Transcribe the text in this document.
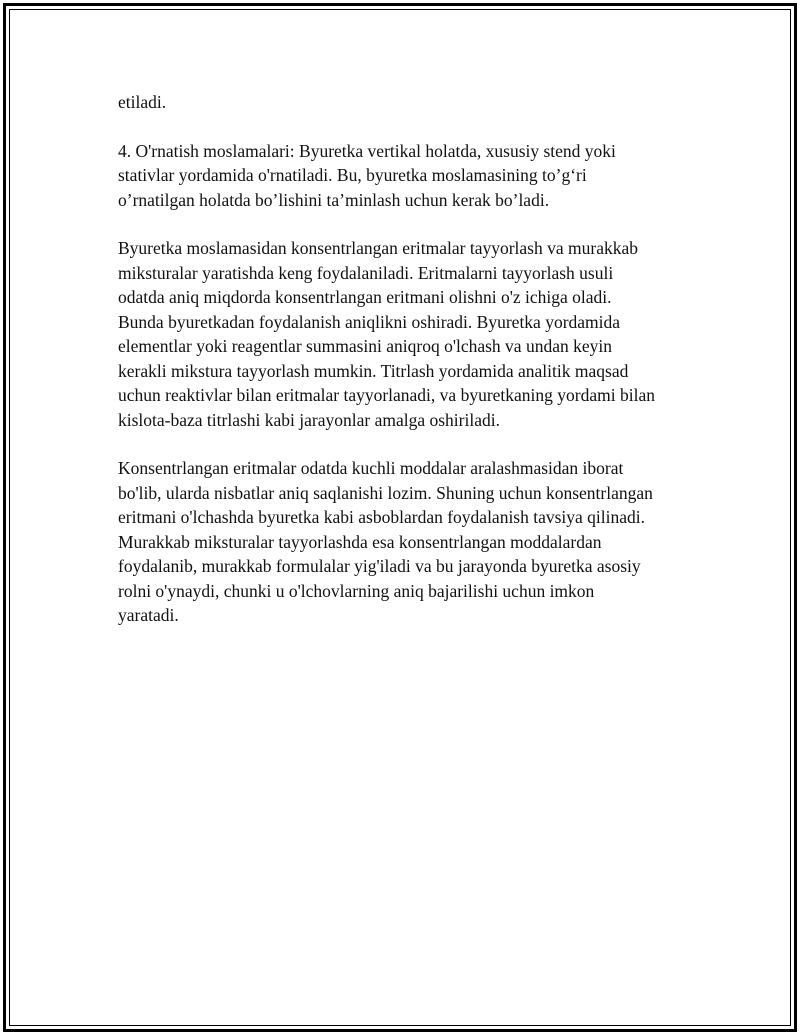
etiladi.

4. O'rnatish moslamalari: Byuretka vertikal holatda, xususiy stend yoki
stativlar yordamida o'rnatiladi. Bu, byuretka moslamasining to’g‘ri
o’rnatilgan holatda bo’lishini ta’minlash uchun kerak bo’ladi.

Byuretka moslamasidan konsentrlangan eritmalar tayyorlash va murakkab
miksturalar yaratishda keng foydalaniladi. Eritmalarni tayyorlash usuli
odatda aniq miqdorda konsentrlangan eritmani olishni o'z ichiga oladi.
Bunda byuretkadan foydalanish aniqlikni oshiradi. Byuretka yordamida
elementlar yoki reagentlar summasini aniqroq o'lchash va undan keyin
kerakli mikstura tayyorlash mumkin. Titrlash yordamida analitik maqsad
uchun reaktivlar bilan eritmalar tayyorlanadi, va byuretkaning yordami bilan
kislota-baza titrlashi kabi jarayonlar amalga oshiriladi.

Konsentrlangan eritmalar odatda kuchli moddalar aralashmasidan iborat
bo'lib, ularda nisbatlar aniq saqlanishi lozim. Shuning uchun konsentrlangan
eritmani o'lchashda byuretka kabi asboblardan foydalanish tavsiya qilinadi.
Murakkab miksturalar tayyorlashda esa konsentrlangan moddalardan
foydalanib, murakkab formulalar yig'iladi va bu jarayonda byuretka asosiy
rolni o'ynaydi, chunki u o'lchovlarning aniq bajarilishi uchun imkon
yaratadi.
